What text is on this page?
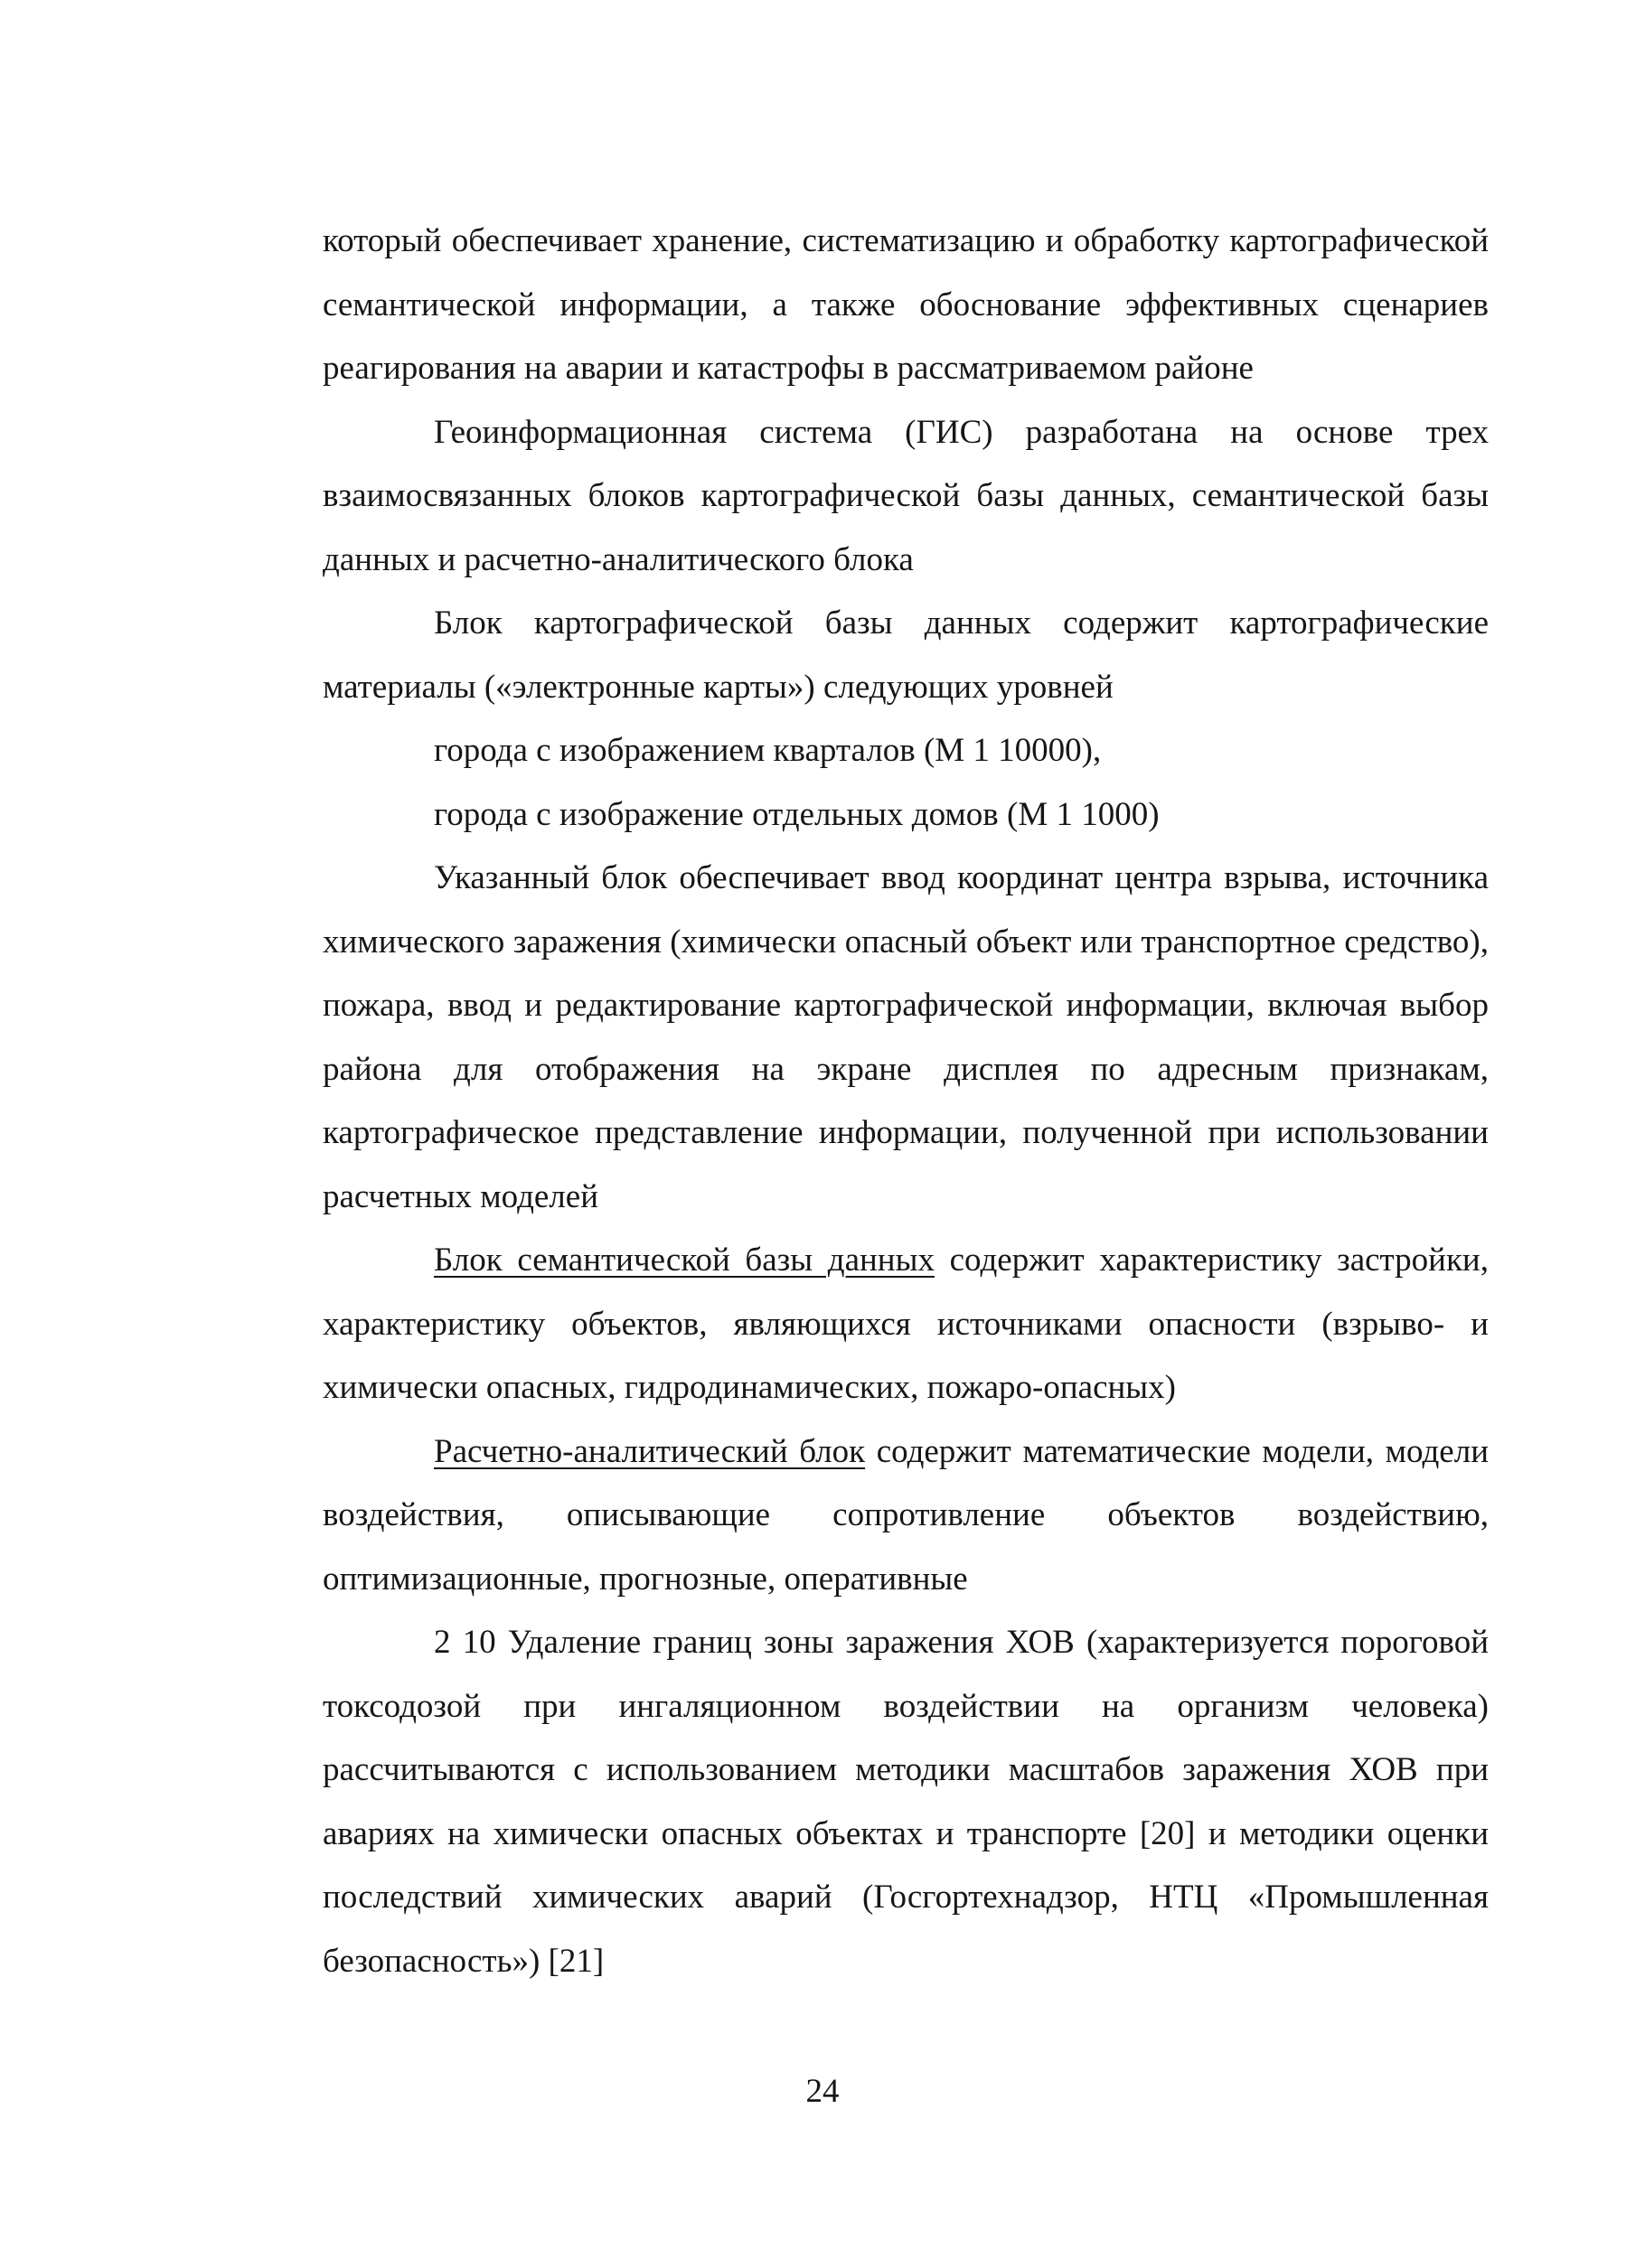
который обеспечивает хранение, систематизацию и обработку картографической семантической информации, а также обоснование эффективных сценариев реагирования на аварии и катастрофы в рассматриваемом районе

Геоинформационная система (ГИС) разработана на основе трех взаимосвязанных блоков картографической базы данных, семантической базы данных и расчетно-аналитического блока

Блок картографической базы данных содержит картографические материалы («электронные карты») следующих уровней

города с изображением кварталов (М 1 10000),

города с изображение отдельных домов (М 1 1000)

Указанный блок обеспечивает ввод координат центра взрыва, источника химического заражения (химически опасный объект или транспортное средство), пожара, ввод и редактирование картографической информации, включая выбор района для отображения на экране дисплея по адресным признакам, картографическое представление информации, полученной при использовании расчетных моделей

Блок семантической базы данных содержит характеристику застройки, характеристику объектов, являющихся источниками опасности (взрыво- и химически опасных, гидродинамических, пожаро-опасных)

Расчетно-аналитический блок содержит математические модели, модели воздействия, описывающие сопротивление объектов воздействию, оптимизационные, прогнозные, оперативные

2 10 Удаление границ зоны заражения ХОВ (характеризуется пороговой токсодозой при ингаляционном воздействии на организм человека) рассчитываются с использованием методики масштабов заражения ХОВ при авариях на химически опасных объектах и транспорте [20] и методики оценки последствий химических аварий (Госгортехнадзор, НТЦ «Промышленная безопасность») [21]

24
